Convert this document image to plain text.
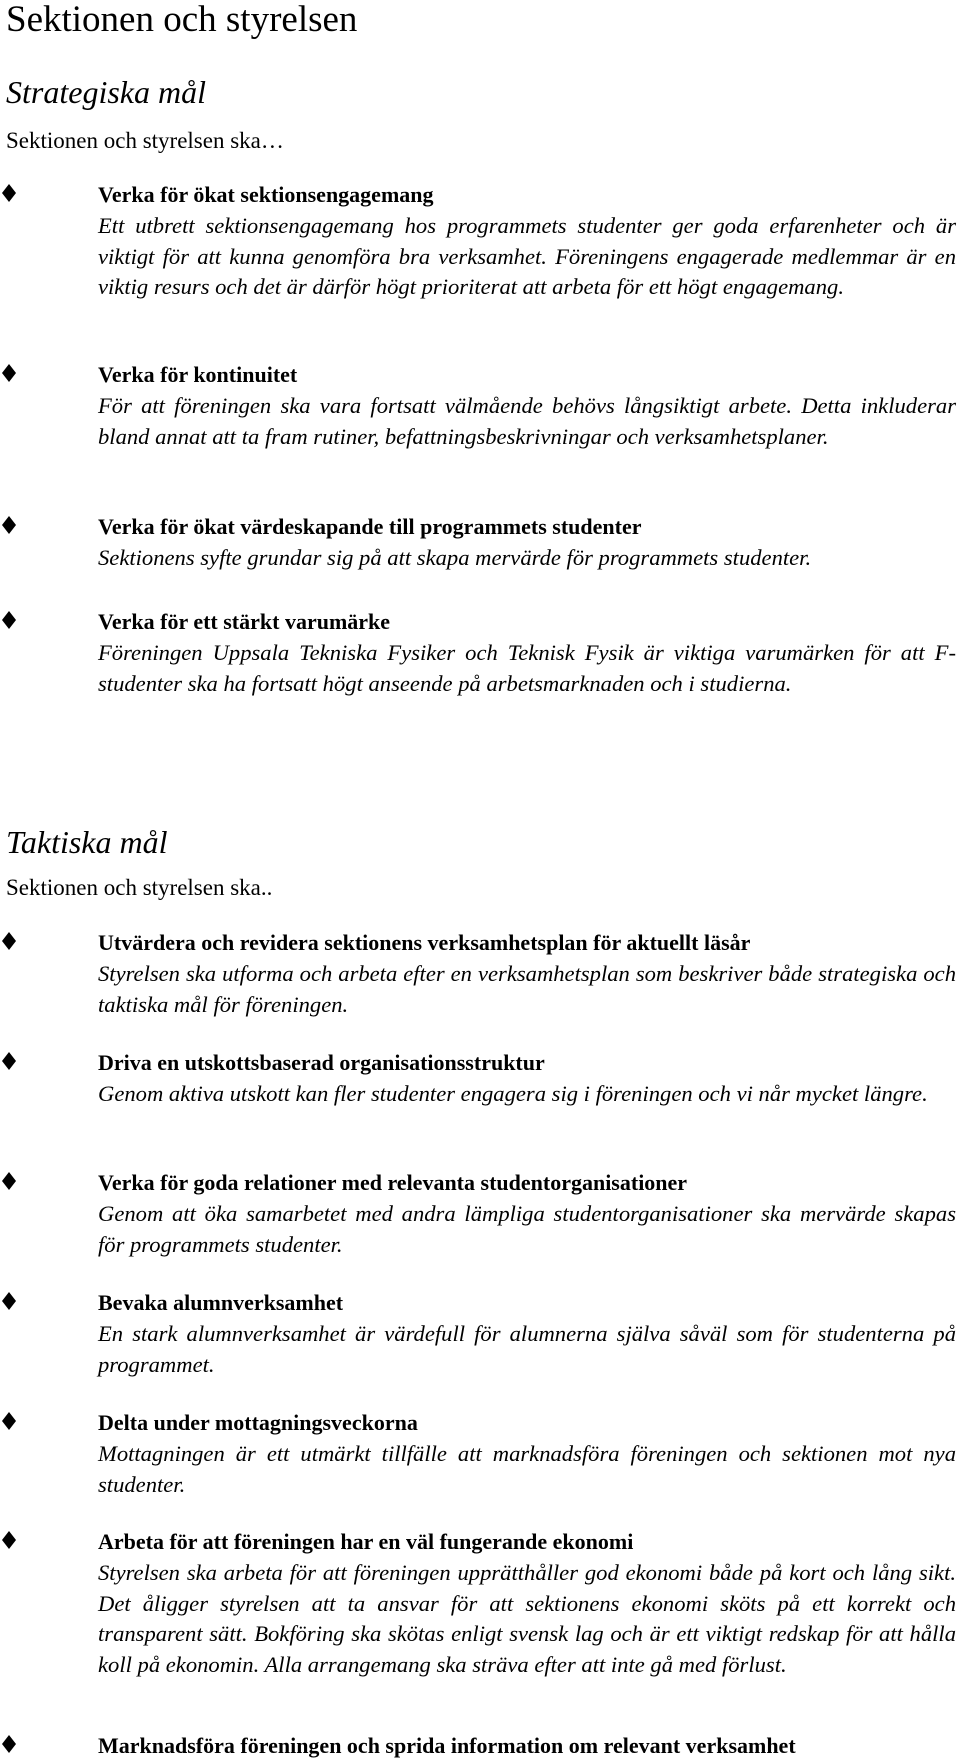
Sektionen och styrelsen
Strategiska mål

Sektionen och styrelsen ska…

Verka för ökat sektionsengagemang

Ett utbrett sektionsengagemang hos programmets studenter ger goda erfarenheter och är viktigt för att kunna genomföra bra verksamhet. Föreningens engagerade medlemmar är en viktig resurs och det är därför högt prioriterat att arbeta för ett högt engagemang.

Verka för kontinuitet

För att föreningen ska vara fortsatt välmående behövs långsiktigt arbete. Detta inkluderar bland annat att ta fram rutiner, befattningsbeskrivningar och verksamhetsplaner.

Verka för ökat värdeskapande till programmets studenter

Sektionens syfte grundar sig på att skapa mervärde för programmets studenter.

Verka för ett stärkt varumärke

Föreningen Uppsala Tekniska Fysiker och Teknisk Fysik är viktiga varumärken för att F-studenter ska ha fortsatt högt anseende på arbetsmarknaden och i studierna.

Taktiska mål

Sektionen och styrelsen ska..

Utvärdera och revidera sektionens verksamhetsplan för aktuellt läsår

Styrelsen ska utforma och arbeta efter en verksamhetsplan som beskriver både strategiska och taktiska mål för föreningen.

Driva en utskottsbaserad organisationsstruktur

Genom aktiva utskott kan fler studenter engagera sig i föreningen och vi når mycket längre.

Verka för goda relationer med relevanta studentorganisationer

Genom att öka samarbetet med andra lämpliga studentorganisationer ska mervärde skapas för programmets studenter.

Bevaka alumnverksamhet

En stark alumnverksamhet är värdefull för alumnerna själva såväl som för studenterna på programmet.

Delta under mottagningsveckorna

Mottagningen är ett utmärkt tillfälle att marknadsföra föreningen och sektionen mot nya studenter.

Arbeta för att föreningen har en väl fungerande ekonomi

Styrelsen ska arbeta för att föreningen upprätthåller god ekonomi både på kort och lång sikt. Det åligger styrelsen att ta ansvar för att sektionens ekonomi sköts på ett korrekt och transparent sätt. Bokföring ska skötas enligt svensk lag och är ett viktigt redskap för att hålla koll på ekonomin. Alla arrangemang ska sträva efter att inte gå med förlust.

Marknadsföra föreningen och sprida information om relevant verksamhet
